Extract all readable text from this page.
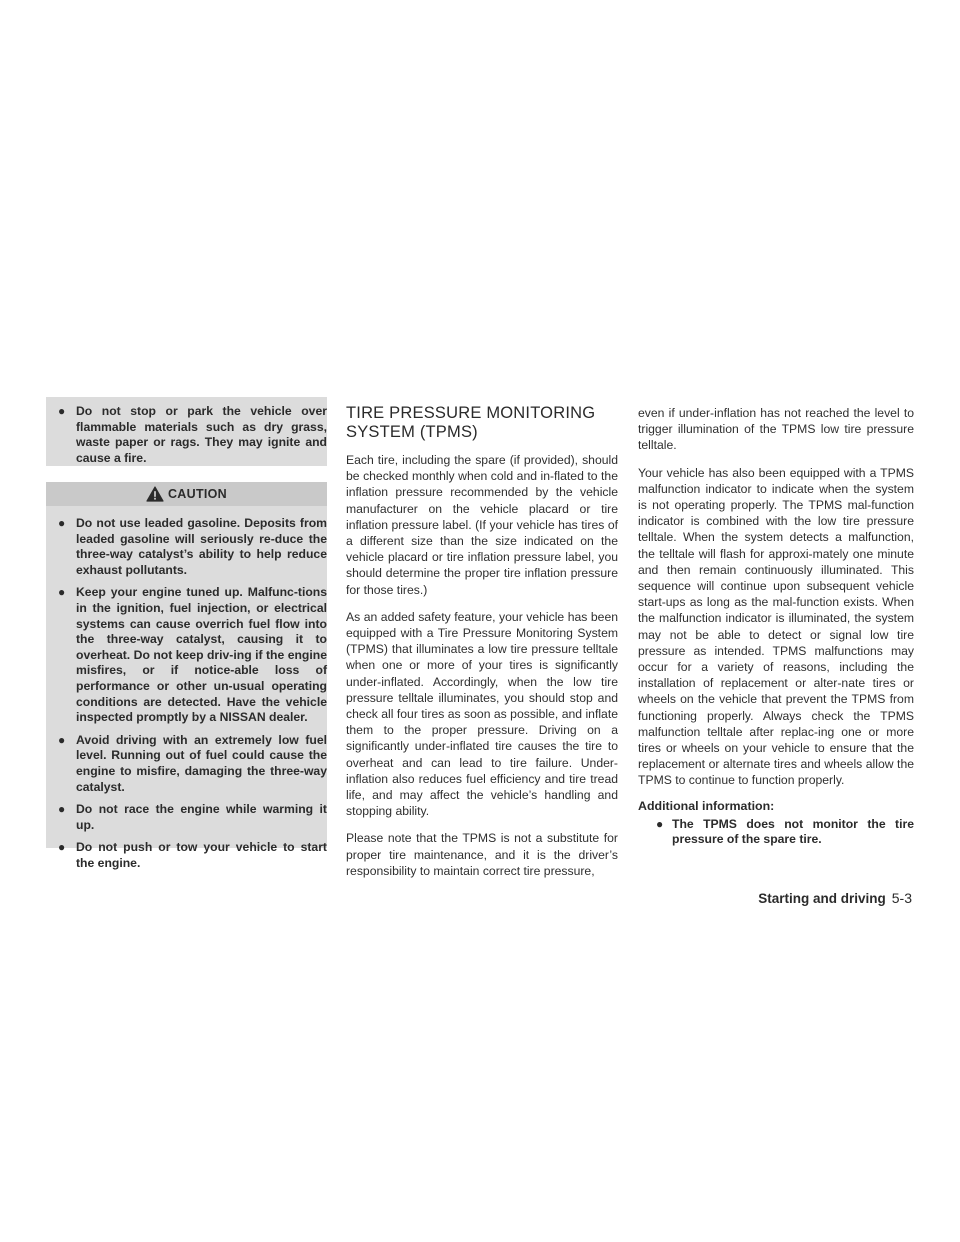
● Do not stop or park the vehicle over flammable materials such as dry grass, waste paper or rags. They may ignite and cause a fire.
CAUTION
● Do not use leaded gasoline. Deposits from leaded gasoline will seriously re-duce the three-way catalyst’s ability to help reduce exhaust pollutants.
● Keep your engine tuned up. Malfunc-tions in the ignition, fuel injection, or electrical systems can cause overrich fuel flow into the three-way catalyst, causing it to overheat. Do not keep driv-ing if the engine misfires, or if notice-able loss of performance or other un-usual operating conditions are detected. Have the vehicle inspected promptly by a NISSAN dealer.
● Avoid driving with an extremely low fuel level. Running out of fuel could cause the engine to misfire, damaging the three-way catalyst.
● Do not race the engine while warming it up.
● Do not push or tow your vehicle to start the engine.
TIRE PRESSURE MONITORING SYSTEM (TPMS)

Each tire, including the spare (if provided), should be checked monthly when cold and in-flated to the inflation pressure recommended by the vehicle manufacturer on the vehicle placard or tire inflation pressure label. (If your vehicle has tires of a different size than the size indicated on the vehicle placard or tire inflation pressure label, you should determine the proper tire inflation pressure for those tires.)

As an added safety feature, your vehicle has been equipped with a Tire Pressure Monitoring System (TPMS) that illuminates a low tire pressure telltale when one or more of your tires is significantly under-inflated. Accordingly, when the low tire pressure telltale illuminates, you should stop and check all four tires as soon as possible, and inflate them to the proper pressure. Driving on a significantly under-inflated tire causes the tire to overheat and can lead to tire failure. Under-inflation also reduces fuel efficiency and tire tread life, and may affect the vehicle’s handling and stopping ability.

Please note that the TPMS is not a substitute for proper tire maintenance, and it is the driver’s responsibility to maintain correct tire pressure,

even if under-inflation has not reached the level to trigger illumination of the TPMS low tire pressure telltale.

Your vehicle has also been equipped with a TPMS malfunction indicator to indicate when the system is not operating properly. The TPMS mal-function indicator is combined with the low tire pressure telltale. When the system detects a malfunction, the telltale will flash for approxi-mately one minute and then remain continuously illuminated. This sequence will continue upon subsequent vehicle start-ups as long as the mal-function exists. When the malfunction indicator is illuminated, the system may not be able to detect or signal low tire pressure as intended. TPMS malfunctions may occur for a variety of reasons, including the installation of replacement or alter-nate tires or wheels on the vehicle that prevent the TPMS from functioning properly. Always check the TPMS malfunction telltale after replac-ing one or more tires or wheels on your vehicle to ensure that the replacement or alternate tires and wheels allow the TPMS to continue to function properly.

Additional information:
● The TPMS does not monitor the tire pressure of the spare tire.
Starting and driving 5-3
